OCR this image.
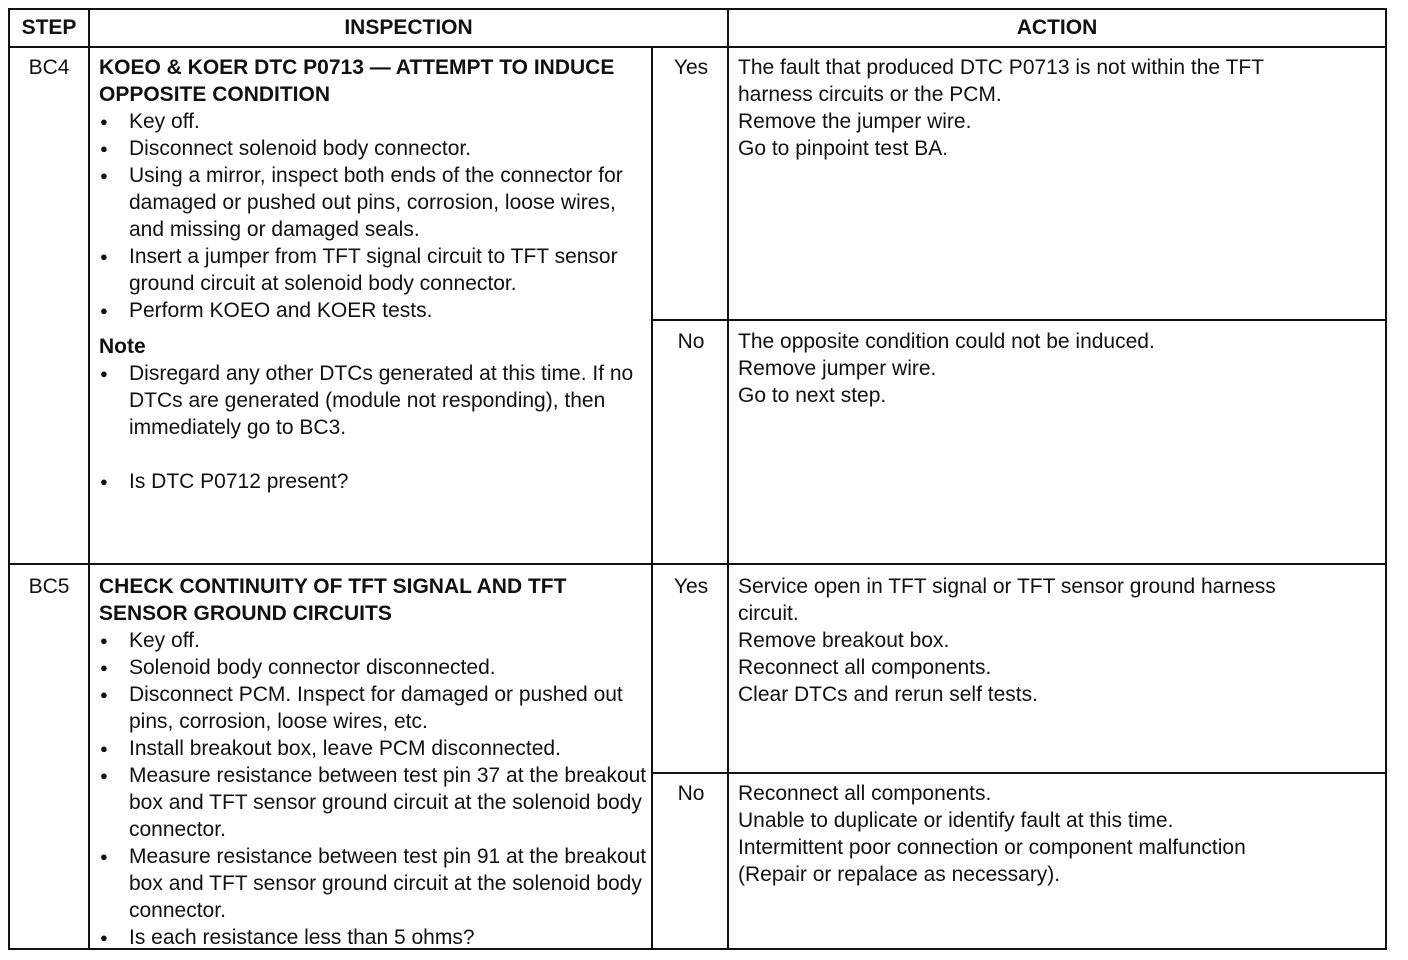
STEP	INSPECTION	ACTION
BC4	KOEO & KOER DTC P0713 — ATTEMPT TO INDUCE OPPOSITE CONDITION

● Key off.
● Disconnect solenoid body connector.
● Using a mirror, inspect both ends of the connector for damaged or pushed out pins, corrosion, loose wires, and missing or damaged seals.
● Insert a jumper from TFT signal circuit to TFT sensor ground circuit at solenoid body connector.
● Perform KOEO and KOER tests.
Note
● Disregard any other DTCs generated at this time. If no DTCs are generated (module not responding), then immediately go to BC3.
● Is DTC P0712 present?
Yes	The fault that produced DTC P0713 is not within the TFT
harness circuits or the PCM.
Remove the jumper wire.
Go to pinpoint test BA.
No	The opposite condition could not be induced.
Remove jumper wire.
Go to next step.
BC5	CHECK CONTINUITY OF TFT SIGNAL AND TFT SENSOR GROUND CIRCUITS

● Key off.
● Solenoid body connector disconnected.
● Disconnect PCM. Inspect for damaged or pushed out pins, corrosion, loose wires, etc.
● Install breakout box, leave PCM disconnected.
● Measure resistance between test pin 37 at the breakout box and TFT sensor ground circuit at the solenoid body connector.
● Measure resistance between test pin 91 at the breakout box and TFT sensor ground circuit at the solenoid body connector.
● Is each resistance less than 5 ohms?
Yes	Service open in TFT signal or TFT sensor ground harness
circuit.
Remove breakout box.
Reconnect all components.
Clear DTCs and rerun self tests.
No	Reconnect all components.
Unable to duplicate or identify fault at this time.
Intermittent poor connection or component malfunction
(Repair or repalace as necessary).
